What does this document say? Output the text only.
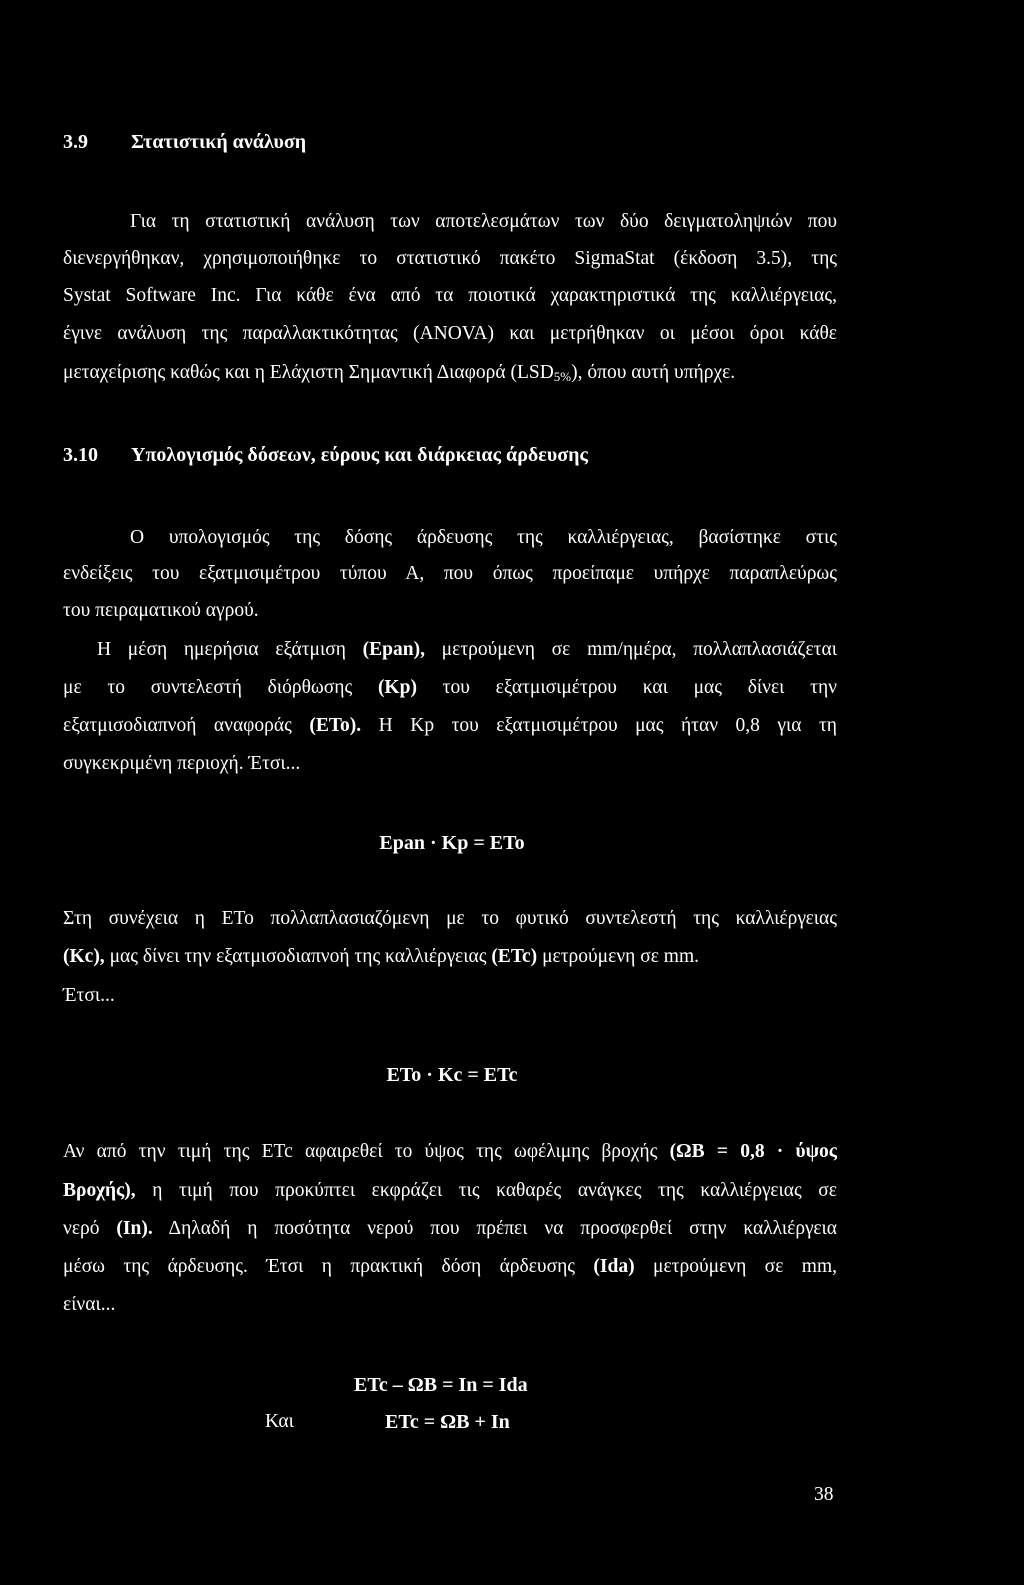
3.9 Στατιστική ανάλυση
Για τη στατιστική ανάλυση των αποτελεσμάτων των δύο δειγματοληψιών που
διενεργήθηκαν, χρησιμοποιήθηκε το στατιστικό πακέτο SigmaStat (έκδοση 3.5), της
Systat Software Inc. Για κάθε ένα από τα ποιοτικά χαρακτηριστικά της καλλιέργειας,
έγινε ανάλυση της παραλλακτικότητας (ANOVA) και μετρήθηκαν οι μέσοι όροι κάθε
μεταχείρισης καθώς και η Ελάχιστη Σημαντική Διαφορά $(LSD_{5\%})$, όπου αυτή υπήρχε.
3.10 Υπολογισμός δόσεων, εύρους και διάρκειας άρδευσης
Ο υπολογισμός της δόσης άρδευσης της καλλιέργειας, βασίστηκε στις
ενδείξεις του εξατμισιμέτρου τύπου Α, που όπως προείπαμε υπήρχε παραπλεύρως
του πειραματικού αγρού.
Η μέση ημερήσια εξάτμιση (Epan), μετρούμενη σε mm/ημέρα, πολλαπλασιάζεται
με το συντελεστή διόρθωσης (Kp) του εξατμισιμέτρου και μας δίνει την
εξατμισοδιαπνοή αναφοράς (ETo). Η Kp του εξατμισιμέτρου μας ήταν 0,8 για τη
συγκεκριμένη περιοχή. Έτσι...
Epan · Kp = ETo
Στη συνέχεια η ETo πολλαπλασιαζόμενη με το φυτικό συντελεστή της καλλιέργειας
(Kc), μας δίνει την εξατμισοδιαπνοή της καλλιέργειας (ETc) μετρούμενη σε mm.
Έτσι...
ETo · Kc = ETc
Αν από την τιμή της ETc αφαιρεθεί το ύψος της ωφέλιμης βροχής (ΩΒ = 0,8 · ύψος
Βροχής), η τιμή που προκύπτει εκφράζει τις καθαρές ανάγκες της καλλιέργειας σε
νερό (In). Δηλαδή η ποσότητα νερού που πρέπει να προσφερθεί στην καλλιέργεια
μέσω της άρδευσης. Έτσι η πρακτική δόση άρδευσης (Ida) μετρούμενη σε mm,
είναι...
ETc – ΩΒ = In = Ida
Και	ETc = ΩΒ + In
38
